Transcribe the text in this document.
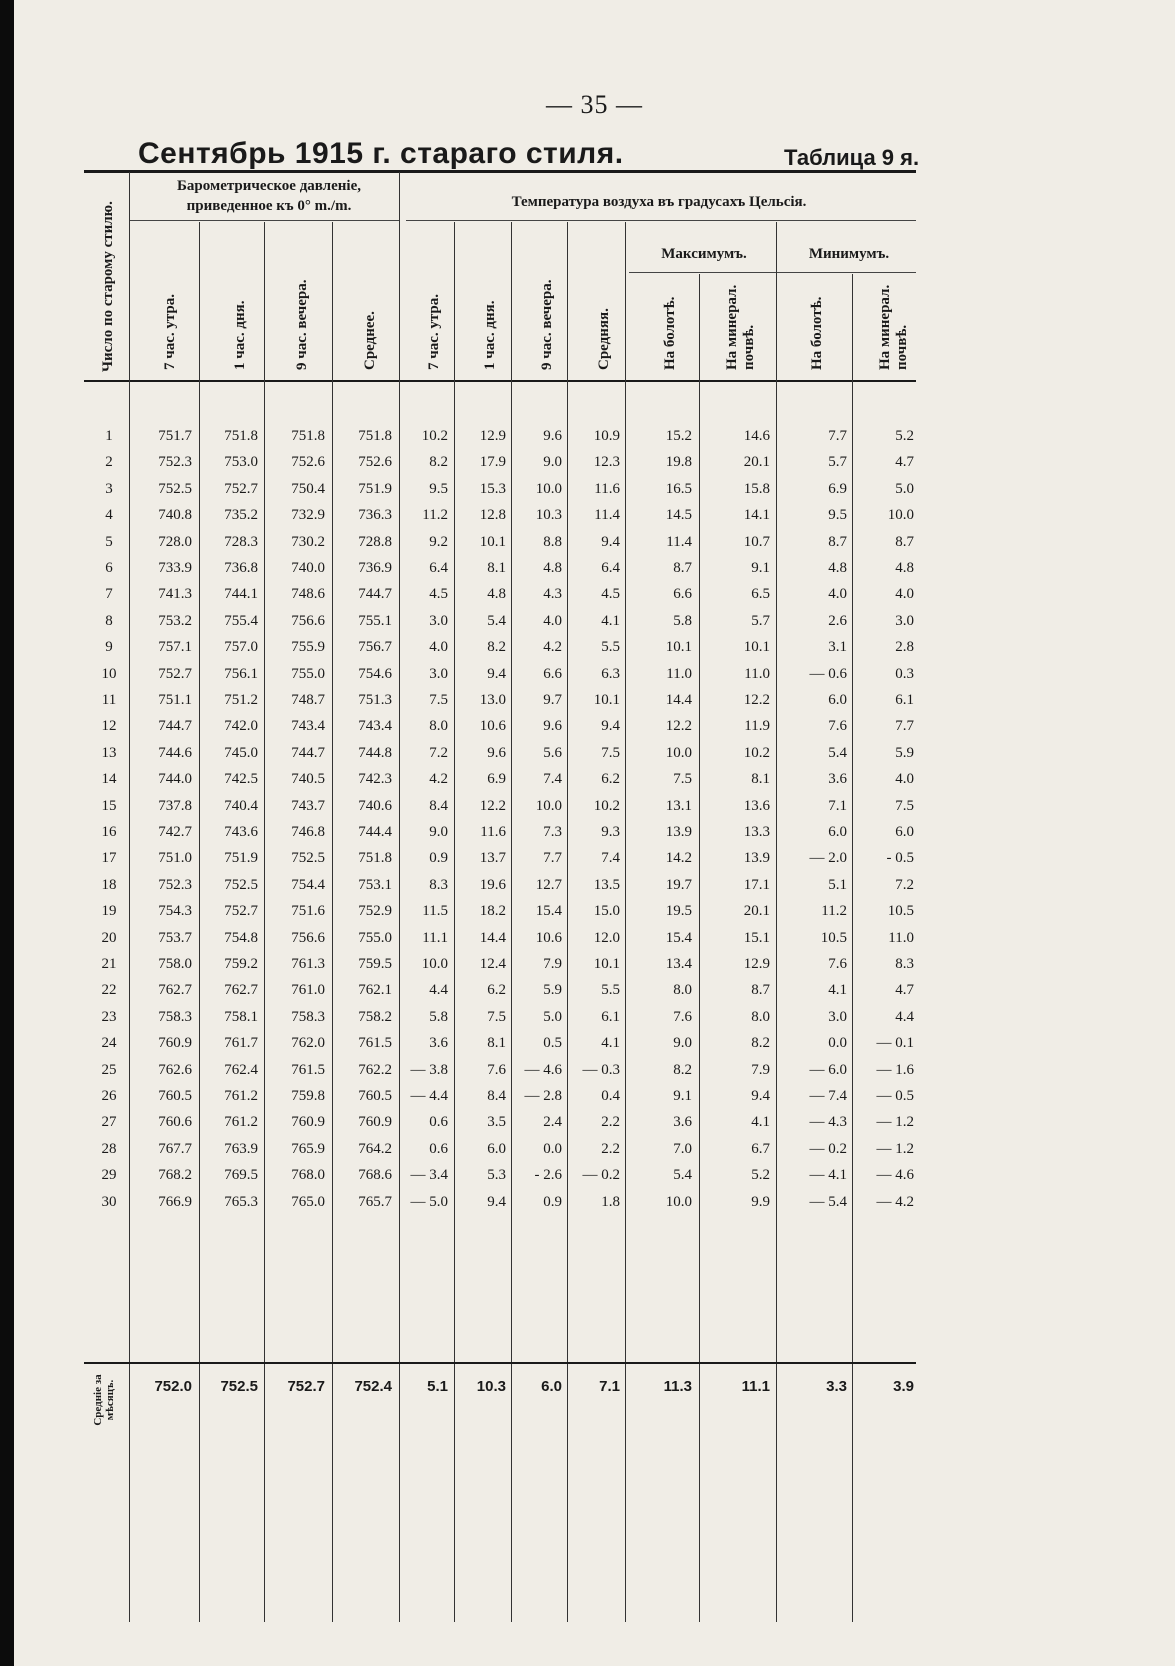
— 35 —
Сентябрь 1915 г. стараго стиля.	Таблица 9 я.
Барометрическое давленіе, приведенное къ 0° m./m.	Температура воздуха въ градусахъ Цельсія.
Максимумъ.	Минимумъ.
Число по старому стилю.	7 час. утра.	1 час. дня.	9 час. вечера.	Среднее.	7 час. утра.	1 час. дня.	9 час. вечера.	Средняя.	На болотѣ.	На минерал. почвѣ.	На болотѣ.	На минерал. почвѣ.
1	751.7	751.8	751.8	751.8	10.2	12.9	9.6	10.9	15.2	14.6	7.7	5.2
2	752.3	753.0	752.6	752.6	8.2	17.9	9.0	12.3	19.8	20.1	5.7	4.7
3	752.5	752.7	750.4	751.9	9.5	15.3	10.0	11.6	16.5	15.8	6.9	5.0
4	740.8	735.2	732.9	736.3	11.2	12.8	10.3	11.4	14.5	14.1	9.5	10.0
5	728.0	728.3	730.2	728.8	9.2	10.1	8.8	9.4	11.4	10.7	8.7	8.7
6	733.9	736.8	740.0	736.9	6.4	8.1	4.8	6.4	8.7	9.1	4.8	4.8
7	741.3	744.1	748.6	744.7	4.5	4.8	4.3	4.5	6.6	6.5	4.0	4.0
8	753.2	755.4	756.6	755.1	3.0	5.4	4.0	4.1	5.8	5.7	2.6	3.0
9	757.1	757.0	755.9	756.7	4.0	8.2	4.2	5.5	10.1	10.1	3.1	2.8
10	752.7	756.1	755.0	754.6	3.0	9.4	6.6	6.3	11.0	11.0	— 0.6	0.3
11	751.1	751.2	748.7	751.3	7.5	13.0	9.7	10.1	14.4	12.2	6.0	6.1
12	744.7	742.0	743.4	743.4	8.0	10.6	9.6	9.4	12.2	11.9	7.6	7.7
13	744.6	745.0	744.7	744.8	7.2	9.6	5.6	7.5	10.0	10.2	5.4	5.9
14	744.0	742.5	740.5	742.3	4.2	6.9	7.4	6.2	7.5	8.1	3.6	4.0
15	737.8	740.4	743.7	740.6	8.4	12.2	10.0	10.2	13.1	13.6	7.1	7.5
16	742.7	743.6	746.8	744.4	9.0	11.6	7.3	9.3	13.9	13.3	6.0	6.0
17	751.0	751.9	752.5	751.8	0.9	13.7	7.7	7.4	14.2	13.9	— 2.0	- 0.5
18	752.3	752.5	754.4	753.1	8.3	19.6	12.7	13.5	19.7	17.1	5.1	7.2
19	754.3	752.7	751.6	752.9	11.5	18.2	15.4	15.0	19.5	20.1	11.2	10.5
20	753.7	754.8	756.6	755.0	11.1	14.4	10.6	12.0	15.4	15.1	10.5	11.0
21	758.0	759.2	761.3	759.5	10.0	12.4	7.9	10.1	13.4	12.9	7.6	8.3
22	762.7	762.7	761.0	762.1	4.4	6.2	5.9	5.5	8.0	8.7	4.1	4.7
23	758.3	758.1	758.3	758.2	5.8	7.5	5.0	6.1	7.6	8.0	3.0	4.4
24	760.9	761.7	762.0	761.5	3.6	8.1	0.5	4.1	9.0	8.2	0.0	— 0.1
25	762.6	762.4	761.5	762.2	— 3.8	7.6	— 4.6	— 0.3	8.2	7.9	— 6.0	— 1.6
26	760.5	761.2	759.8	760.5	— 4.4	8.4	— 2.8	0.4	9.1	9.4	— 7.4	— 0.5
27	760.6	761.2	760.9	760.9	0.6	3.5	2.4	2.2	3.6	4.1	— 4.3	— 1.2
28	767.7	763.9	765.9	764.2	0.6	6.0	0.0	2.2	7.0	6.7	— 0.2	— 1.2
29	768.2	769.5	768.0	768.6	— 3.4	5.3	- 2.6	— 0.2	5.4	5.2	— 4.1	— 4.6
30	766.9	765.3	765.0	765.7	— 5.0	9.4	0.9	1.8	10.0	9.9	— 5.4	— 4.2
Средніе за мѣсяцъ.	752.0	752.5	752.7	752.4	5.1	10.3	6.0	7.1	11.3	11.1	3.3	3.9
